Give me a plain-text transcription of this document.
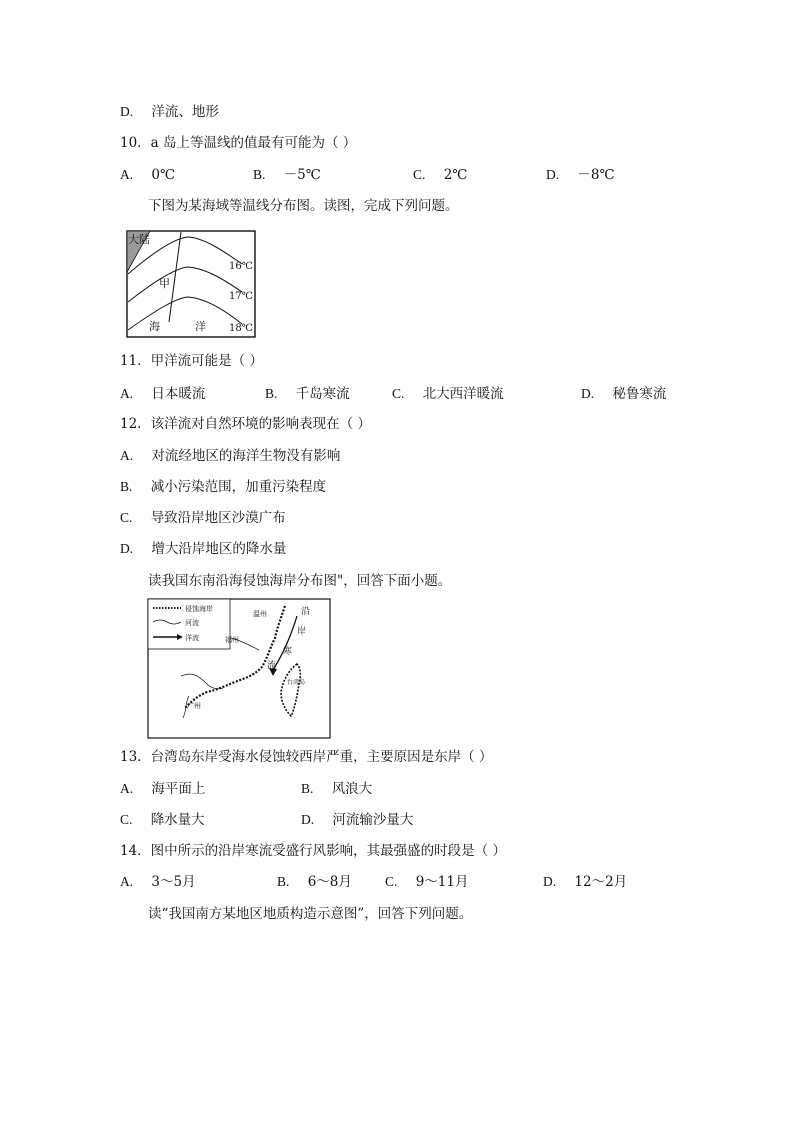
D. 洋流、地形
10．a 岛上等温线的值最有可能为（ ）
A. 0℃	B. －5℃	C. 2℃	D. －8℃
下图为某海域等温线分布图。读图，完成下列问题。
大陆
16℃
17℃
18℃
甲
海	洋
11．甲洋流可能是（ ）
A. 日本暖流	B. 千岛寒流	C. 北大西洋暖流	D. 秘鲁寒流
12．该洋流对自然环境的影响表现在（ ）
A. 对流经地区的海洋生物没有影响
B. 减小污染范围，加重污染程度
C. 导致沿岸地区沙漠广布
D. 增大沿岸地区的降水量
读我国东南沿海侵蚀海岸分布图"，回答下面小题。
侵蚀海岸
河流
洋流
温州
福州
广州
台湾岛
沿
岸
寒
流
13．台湾岛东岸受海水侵蚀较西岸严重，主要原因是东岸（ ）
A. 海平面上	B. 风浪大
C. 降水量大	D. 河流输沙量大
14．图中所示的沿岸寒流受盛行风影响，其最强盛的时段是（ ）
A. 3～5月	B. 6～8月 C. 9～11月	D. 12～2月
读“我国南方某地区地质构造示意图”，回答下列问题。
